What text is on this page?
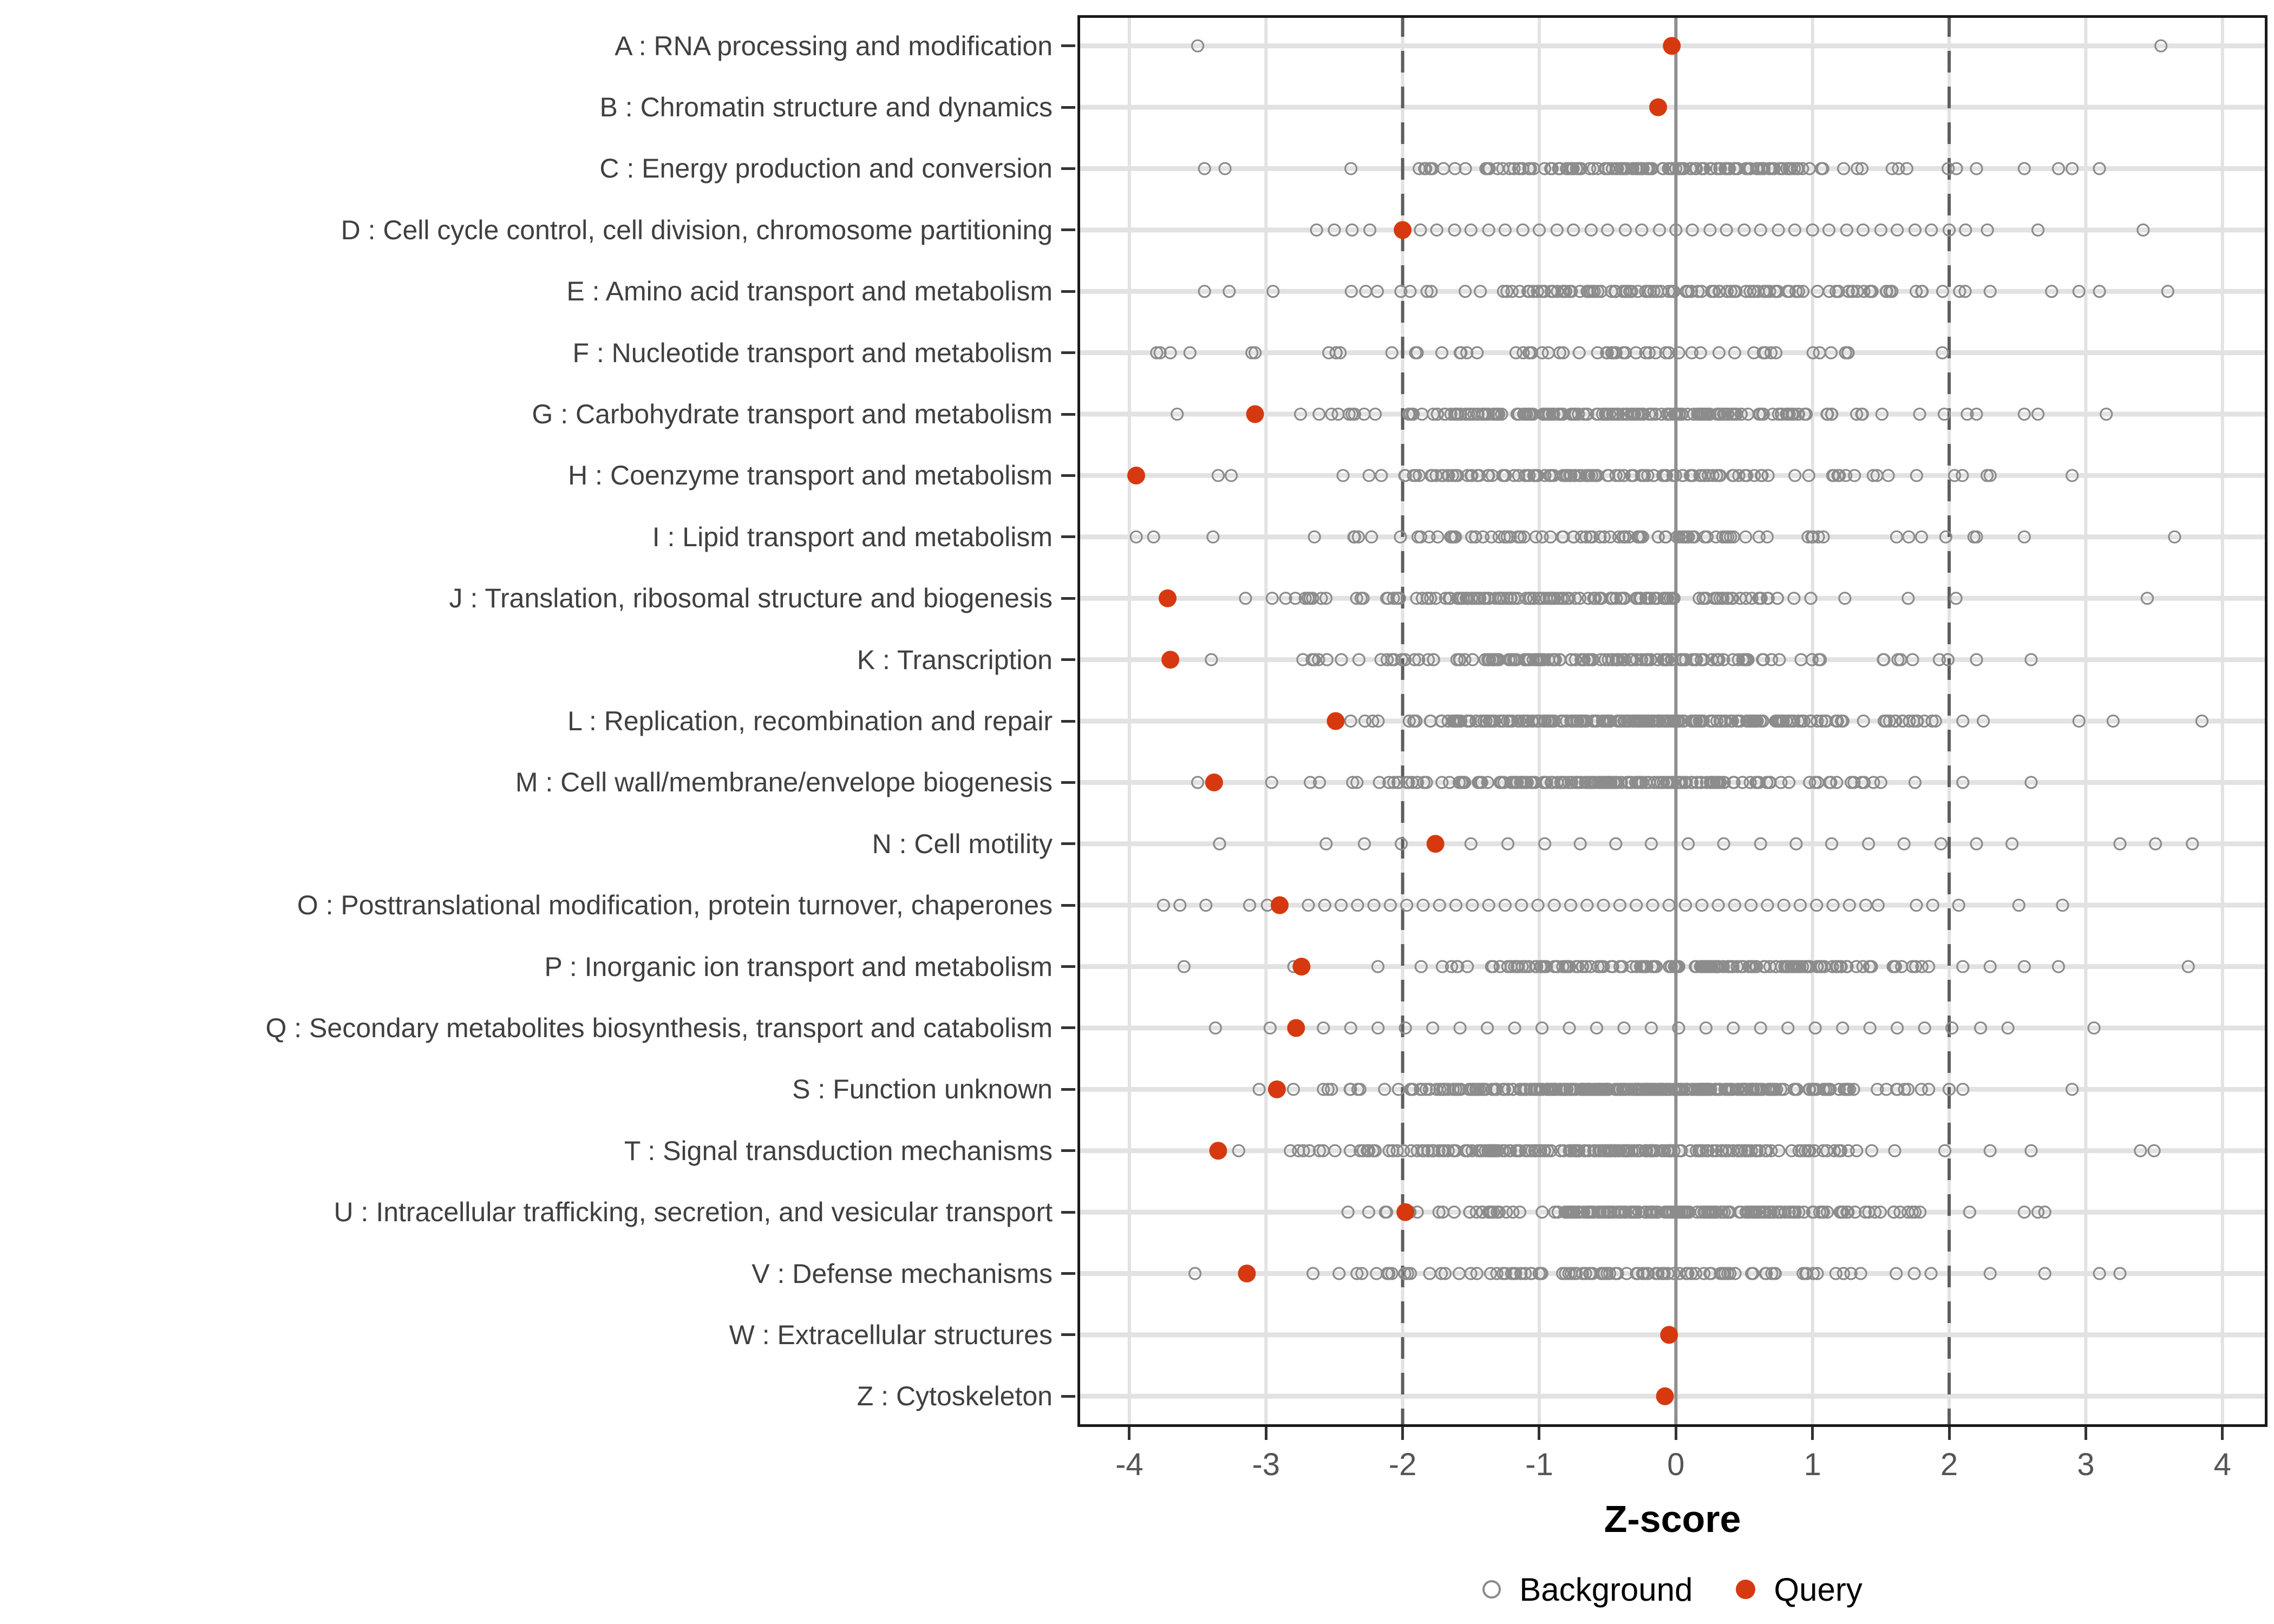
A : RNA processing and modification
B : Chromatin structure and dynamics
C : Energy production and conversion
D : Cell cycle control, cell division, chromosome partitioning
E : Amino acid transport and metabolism
F : Nucleotide transport and metabolism
G : Carbohydrate transport and metabolism
H : Coenzyme transport and metabolism
I : Lipid transport and metabolism
J : Translation, ribosomal structure and biogenesis
K : Transcription
L : Replication, recombination and repair
M : Cell wall/membrane/envelope biogenesis
N : Cell motility
O : Posttranslational modification, protein turnover, chaperones
P : Inorganic ion transport and metabolism
Q : Secondary metabolites biosynthesis, transport and catabolism
S : Function unknown
T : Signal transduction mechanisms
U : Intracellular trafficking, secretion, and vesicular transport
V : Defense mechanisms
W : Extracellular structures
Z : Cytoskeleton
-4	-3	-2	-1	0	1	2	3	4
Z-score
Background	Query
